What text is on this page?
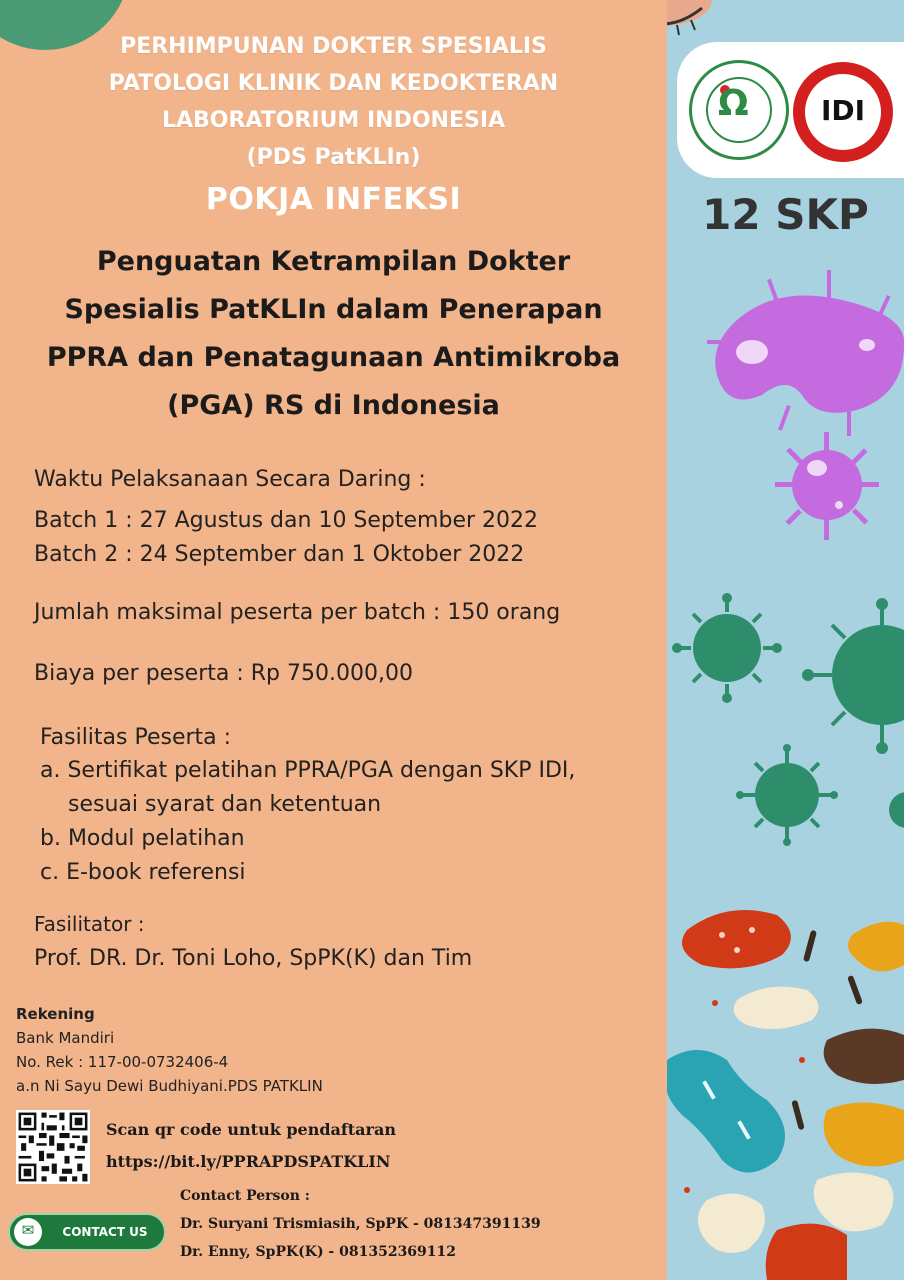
PERHIMPUNAN DOKTER SPESIALIS
PATOLOGI KLINIK DAN KEDOKTERAN
LABORATORIUM INDONESIA
(PDS PatKLIn)
POKJA INFEKSI
Penguatan Ketrampilan Dokter
Spesialis PatKLIn dalam Penerapan
PPRA dan Penatagunaan Antimikroba
(PGA) RS di Indonesia
Waktu Pelaksanaan Secara Daring :
Batch 1 : 27 Agustus dan 10 September 2022
Batch 2 : 24 September dan 1 Oktober 2022
Jumlah maksimal peserta per batch : 150 orang
Biaya per peserta : Rp 750.000,00
Fasilitas Peserta :
a. Sertifikat pelatihan PPRA/PGA dengan SKP IDI,
sesuai syarat dan ketentuan
b. Modul pelatihan
c. E-book referensi
Fasilitator :
Prof. DR. Dr. Toni Loho, SpPK(K) dan Tim
Rekening
Bank Mandiri
No. Rek : 117-00-0732406-4
a.n Ni Sayu Dewi Budhiyani.PDS PATKLIN
Scan qr code untuk pendaftaran
https://bit.ly/PPRAPDSPATKLIN
✉	CONTACT US
Contact Person :
Dr. Suryani Trismiasih, SpPK - 081347391139
Dr. Enny, SpPK(K) - 081352369112
Ω	IDI
12 SKP
